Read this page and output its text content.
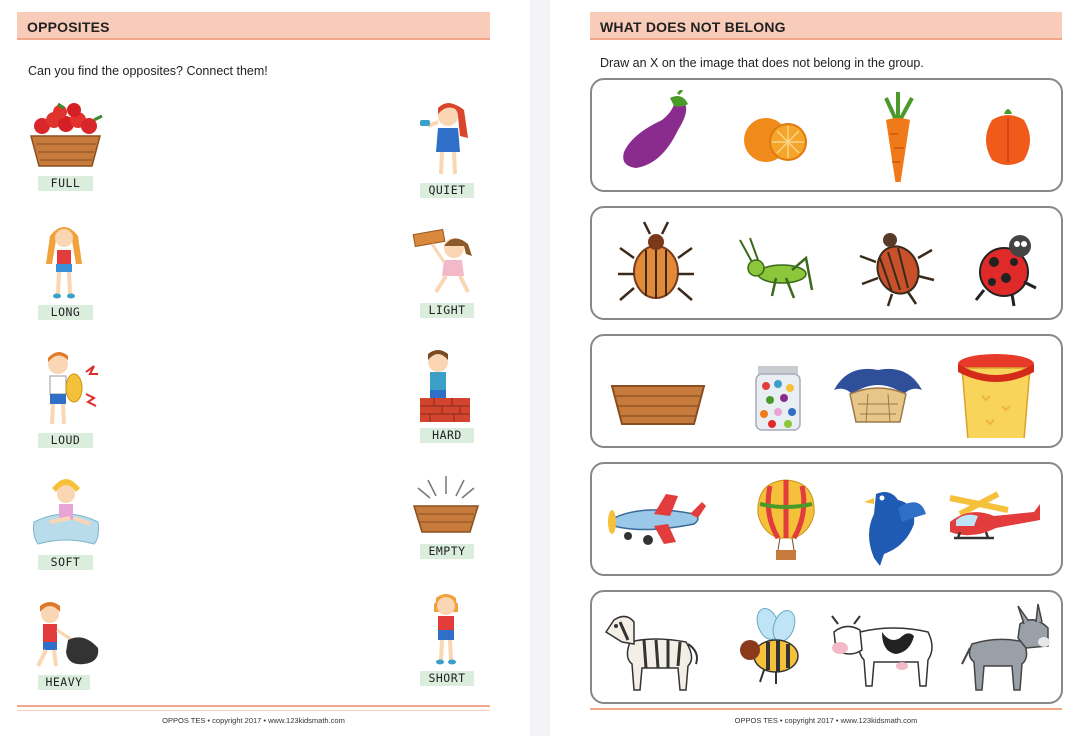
OPPOSITES
Can you find the opposites? Connect them!
FULL
LONG
LOUD
SOFT
HEAVY
QUIET
LIGHT
HARD
EMPTY
SHORT
OPPOS TES • copyright 2017 • www.123kidsmath.com
WHAT DOES NOT BELONG
Draw an X on the image that does not belong in the group.
OPPOS TES • copyright 2017 • www.123kidsmath.com
